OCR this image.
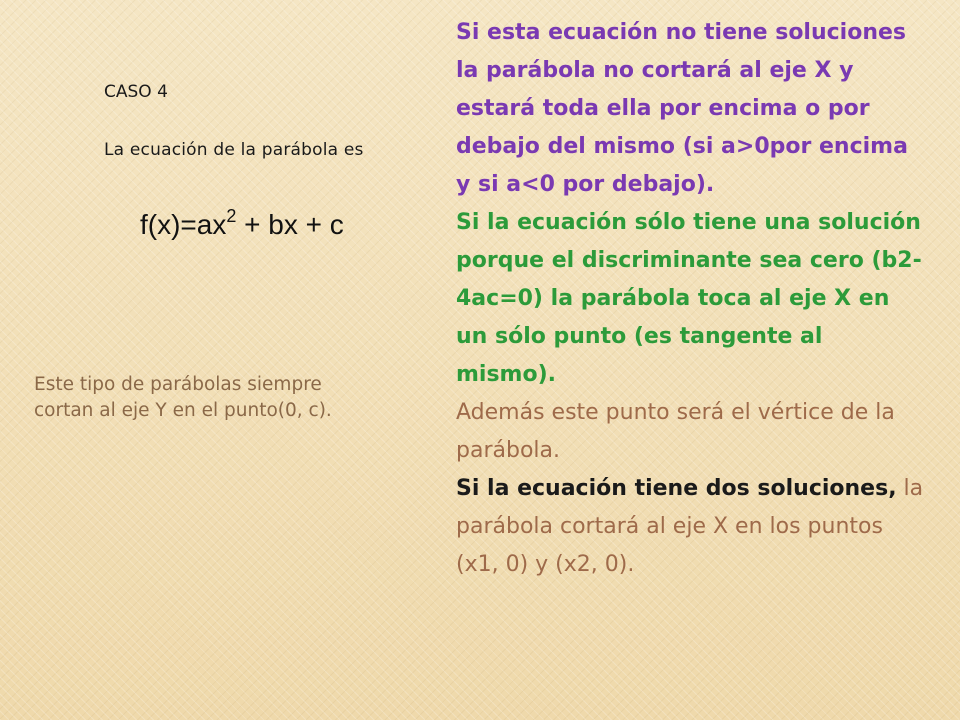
CASO 4
La ecuación de la parábola es
$f(x)=ax^2$ + bx + c
Este tipo de parábolas siempre cortan al eje Y en el punto(0, c).

Si esta ecuación no tiene soluciones la parábola no cortará al eje X y estará toda ella por encima o por debajo del mismo (si a>0por encima y si a<0 por debajo).

Si la ecuación sólo tiene una solución porque el discriminante sea cero (b2-4ac=0) la parábola toca al eje X en un sólo punto (es tangente al mismo).

Además este punto será el vértice de la parábola.

Si la ecuación tiene dos soluciones, la parábola cortará al eje X en los puntos (x1, 0) y (x2, 0).
